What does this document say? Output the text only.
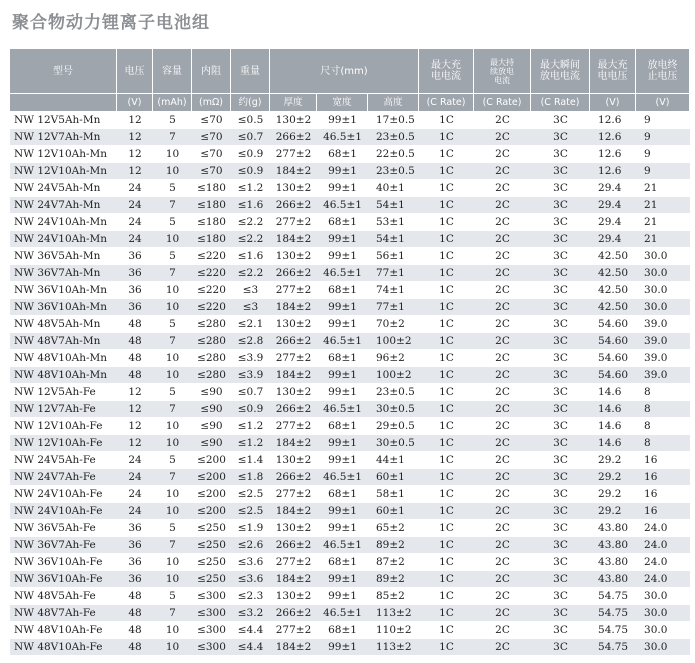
聚合物动力锂离子电池组
型号	电压	容量	内阻	重量	尺寸(mm)			最大充电电流	最大持续放电电流	最大瞬间放电电流	最大充电电压	放电终止电压
	(V)	(mAh)	(mΩ)	约(g)	厚度	宽度	高度	(C Rate)	(C Rate)	(C Rate)	(V)	(V)
NW 12V5Ah-Mn	12	5	≤70	≤0.5	130±2	99±1	17±0.5	1C	2C	3C	12.6	9
NW 12V7Ah-Mn	12	7	≤70	≤0.7	266±2	46.5±1	23±0.5	1C	2C	3C	12.6	9
NW 12V10Ah-Mn	12	10	≤70	≤0.9	277±2	68±1	22±0.5	1C	2C	3C	12.6	9
NW 12V10Ah-Mn	12	10	≤70	≤0.9	184±2	99±1	23±0.5	1C	2C	3C	12.6	9
NW 24V5Ah-Mn	24	5	≤180	≤1.2	130±2	99±1	40±1	1C	2C	3C	29.4	21
NW 24V7Ah-Mn	24	7	≤180	≤1.6	266±2	46.5±1	54±1	1C	2C	3C	29.4	21
NW 24V10Ah-Mn	24	5	≤180	≤2.2	277±2	68±1	53±1	1C	2C	3C	29.4	21
NW 24V10Ah-Mn	24	10	≤180	≤2.2	184±2	99±1	54±1	1C	2C	3C	29.4	21
NW 36V5Ah-Mn	36	5	≤220	≤1.6	130±2	99±1	56±1	1C	2C	3C	42.50	30.0
NW 36V7Ah-Mn	36	7	≤220	≤2.2	266±2	46.5±1	77±1	1C	2C	3C	42.50	30.0
NW 36V10Ah-Mn	36	10	≤220	≤3	277±2	68±1	74±1	1C	2C	3C	42.50	30.0
NW 36V10Ah-Mn	36	10	≤220	≤3	184±2	99±1	77±1	1C	2C	3C	42.50	30.0
NW 48V5Ah-Mn	48	5	≤280	≤2.1	130±2	99±1	70±2	1C	2C	3C	54.60	39.0
NW 48V7Ah-Mn	48	7	≤280	≤2.8	266±2	46.5±1	100±2	1C	2C	3C	54.60	39.0
NW 48V10Ah-Mn	48	10	≤280	≤3.9	277±2	68±1	96±2	1C	2C	3C	54.60	39.0
NW 48V10Ah-Mn	48	10	≤280	≤3.9	184±2	99±1	100±2	1C	2C	3C	54.60	39.0
NW 12V5Ah-Fe	12	5	≤90	≤0.7	130±2	99±1	23±0.5	1C	2C	3C	14.6	8
NW 12V7Ah-Fe	12	7	≤90	≤0.9	266±2	46.5±1	30±0.5	1C	2C	3C	14.6	8
NW 12V10Ah-Fe	12	10	≤90	≤1.2	277±2	68±1	29±0.5	1C	2C	3C	14.6	8
NW 12V10Ah-Fe	12	10	≤90	≤1.2	184±2	99±1	30±0.5	1C	2C	3C	14.6	8
NW 24V5Ah-Fe	24	5	≤200	≤1.4	130±2	99±1	44±1	1C	2C	3C	29.2	16
NW 24V7Ah-Fe	24	7	≤200	≤1.8	266±2	46.5±1	60±1	1C	2C	3C	29.2	16
NW 24V10Ah-Fe	24	10	≤200	≤2.5	277±2	68±1	58±1	1C	2C	3C	29.2	16
NW 24V10Ah-Fe	24	10	≤200	≤2.5	184±2	99±1	60±1	1C	2C	3C	29.2	16
NW 36V5Ah-Fe	36	5	≤250	≤1.9	130±2	99±1	65±2	1C	2C	3C	43.80	24.0
NW 36V7Ah-Fe	36	7	≤250	≤2.6	266±2	46.5±1	89±2	1C	2C	3C	43.80	24.0
NW 36V10Ah-Fe	36	10	≤250	≤3.6	277±2	68±1	87±2	1C	2C	3C	43.80	24.0
NW 36V10Ah-Fe	36	10	≤250	≤3.6	184±2	99±1	89±2	1C	2C	3C	43.80	24.0
NW 48V5Ah-Fe	48	5	≤300	≤2.3	130±2	99±1	85±2	1C	2C	3C	54.75	30.0
NW 48V7Ah-Fe	48	7	≤300	≤3.2	266±2	46.5±1	113±2	1C	2C	3C	54.75	30.0
NW 48V10Ah-Fe	48	10	≤300	≤4.4	277±2	68±1	110±2	1C	2C	3C	54.75	30.0
NW 48V10Ah-Fe	48	10	≤300	≤4.4	184±2	99±1	113±2	1C	2C	3C	54.75	30.0
